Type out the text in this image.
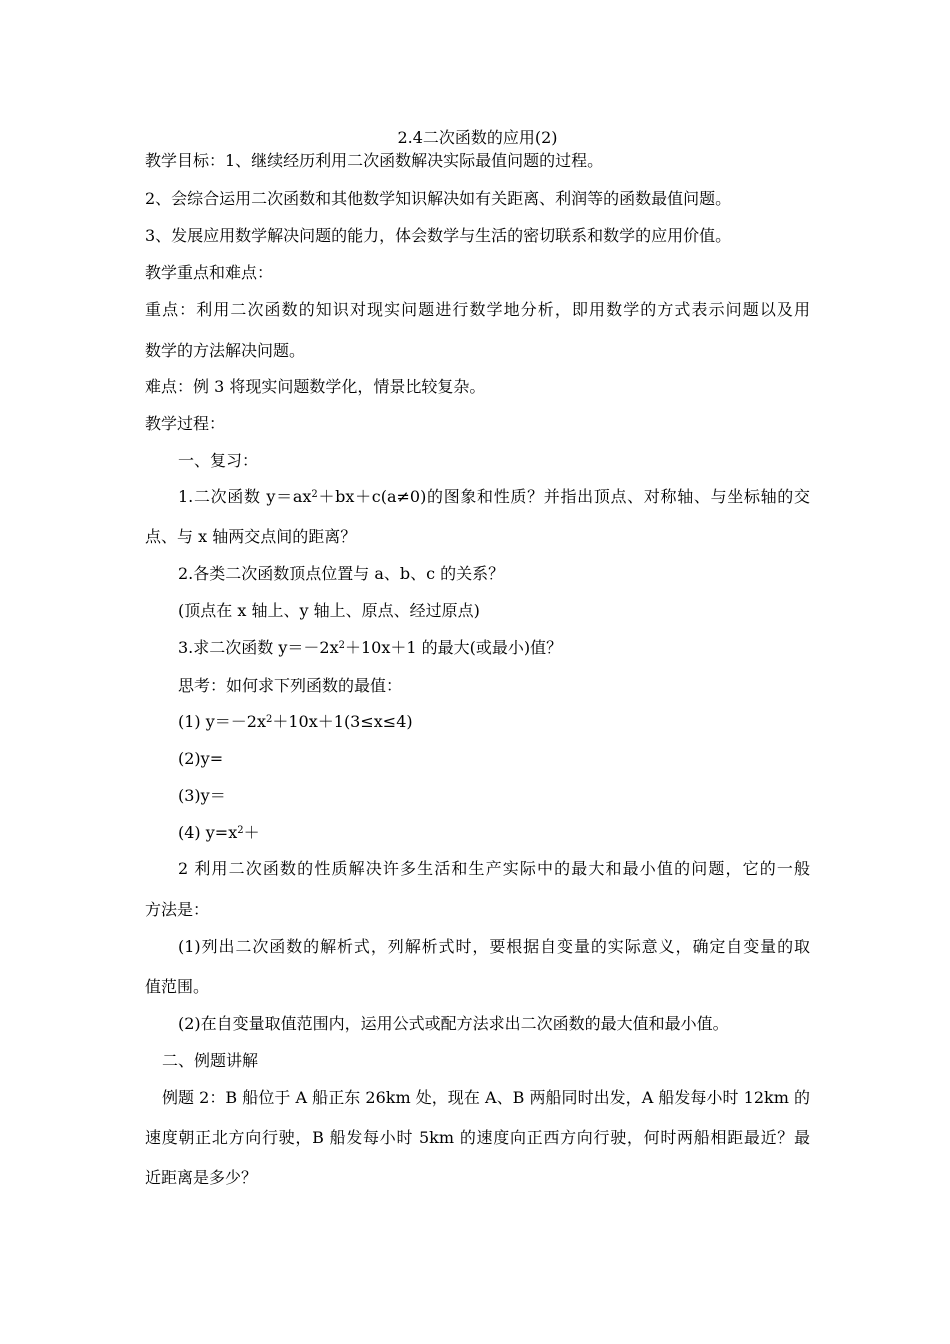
2.4二次函数的应用(2)
教学目标：1、继续经历利用二次函数解决实际最值问题的过程。
2、会综合运用二次函数和其他数学知识解决如有关距离、利润等的函数最值问题。
3、发展应用数学解决问题的能力，体会数学与生活的密切联系和数学的应用价值。
教学重点和难点：
重点：利用二次函数的知识对现实问题进行数学地分析，即用数学的方式表示问题以及用
数学的方法解决问题。
难点：例 3 将现实问题数学化，情景比较复杂。
教学过程：
一、复习：
1.二次函数 $y=ax^2+bx+c(a\ne 0)$的图象和性质？并指出顶点、对称轴、与坐标轴的交
点、与 x 轴两交点间的距离？
2.各类二次函数顶点位置与 a、b、c 的关系？
(顶点在 x 轴上、y 轴上、原点、经过原点)
3.求二次函数 $y=-2x^2+10x+1$ 的最大(或最小)值？
思考：如何求下列函数的最值：
(1) $y=-2x^2+10x+1(3\le x\le 4)$
(2)y=
(3)y＝
(4) $y=x^2+$
2 利用二次函数的性质解决许多生活和生产实际中的最大和最小值的问题，它的一般
方法是：
(1)列出二次函数的解析式，列解析式时，要根据自变量的实际意义，确定自变量的取
值范围。
(2)在自变量取值范围内，运用公式或配方法求出二次函数的最大值和最小值。
二、例题讲解
例题 2：B 船位于 A 船正东 26km 处，现在 A、B 两船同时出发，A 船发每小时 12km 的
速度朝正北方向行驶，B 船发每小时 5km 的速度向正西方向行驶，何时两船相距最近？最
近距离是多少？
